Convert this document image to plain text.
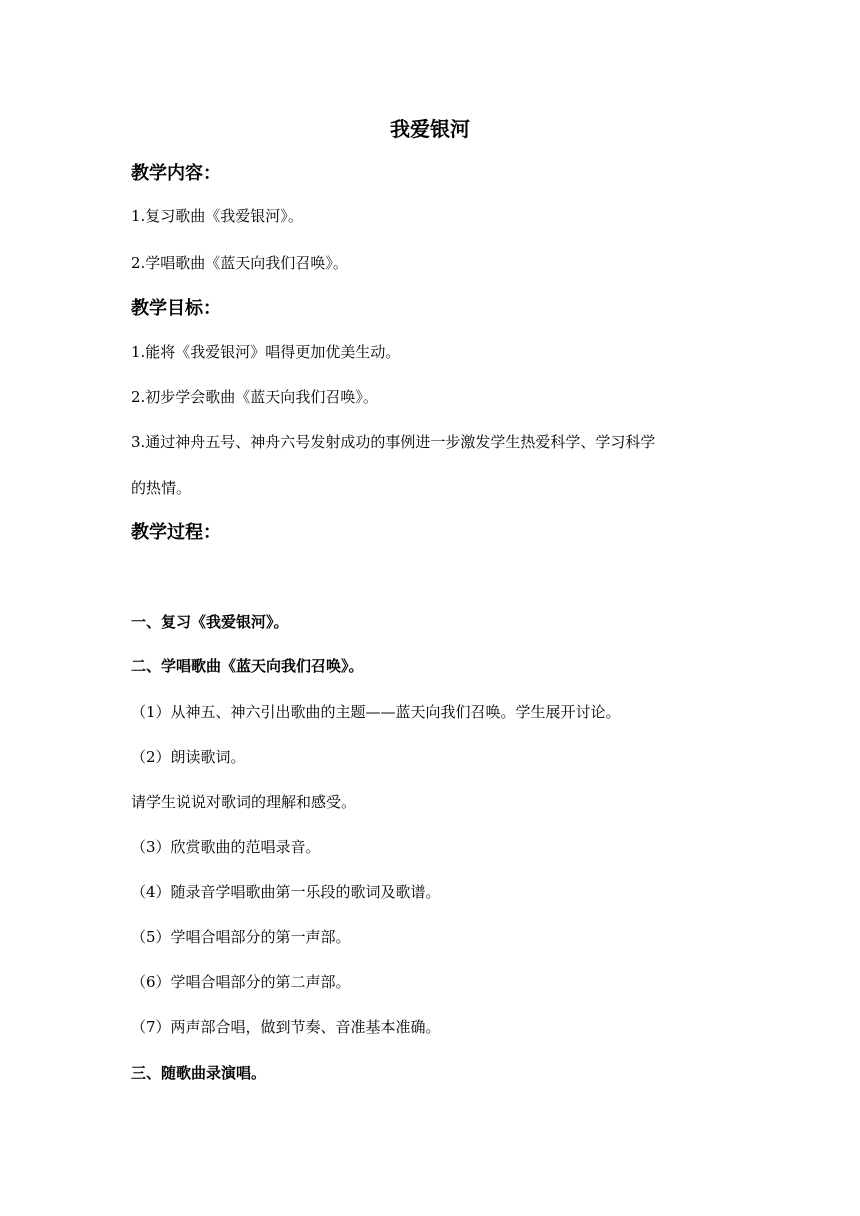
我爱银河
教学内容：
1.复习歌曲《我爱银河》。
2.学唱歌曲《蓝天向我们召唤》。
教学目标：
1.能将《我爱银河》唱得更加优美生动。
2.初步学会歌曲《蓝天向我们召唤》。
3.通过神舟五号、神舟六号发射成功的事例进一步激发学生热爱科学、学习科学
的热情。
教学过程：
一、复习《我爱银河》。
二、学唱歌曲《蓝天向我们召唤》。
（1）从神五、神六引出歌曲的主题——蓝天向我们召唤。学生展开讨论。
（2）朗读歌词。
请学生说说对歌词的理解和感受。
（3）欣赏歌曲的范唱录音。
（4）随录音学唱歌曲第一乐段的歌词及歌谱。
（5）学唱合唱部分的第一声部。
（6）学唱合唱部分的第二声部。
（7）两声部合唱，做到节奏、音准基本准确。
三、随歌曲录演唱。
